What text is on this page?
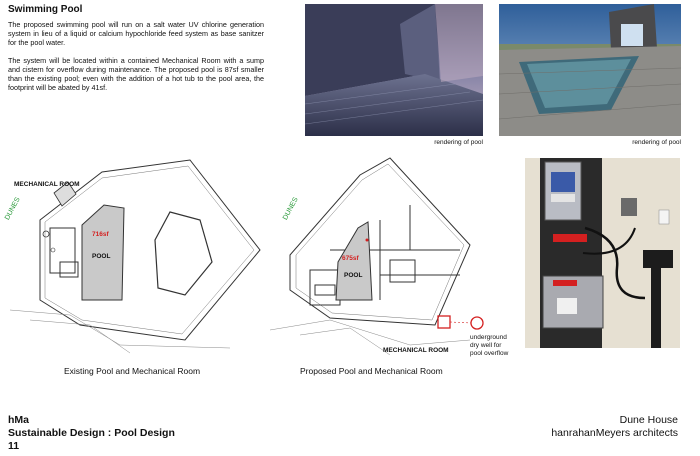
Swimming Pool
The proposed swimming pool will run on a salt water UV chlorine generation system in lieu of a liquid or calcium hypochloride feed system as base sanitzer for the pool water.
The system will be located within a contained Mechanical Room with a sump and cistern for overflow during maintenance. The proposed pool is 87sf smaller than the existing pool; even with the addition of a hot tub to the pool area, the footprint will be abated by 41sf.
rendering of pool	rendering of pool
MECHANICAL ROOM
DUNES
716sf
POOL
Existing Pool and Mechanical Room
DUNES
675sf
POOL
MECHANICAL ROOM
underground
dry well for
pool overflow
Proposed Pool and Mechanical Room
hMa
Sustainable Design : Pool Design
11
Dune House
hanrahanMeyers architects
